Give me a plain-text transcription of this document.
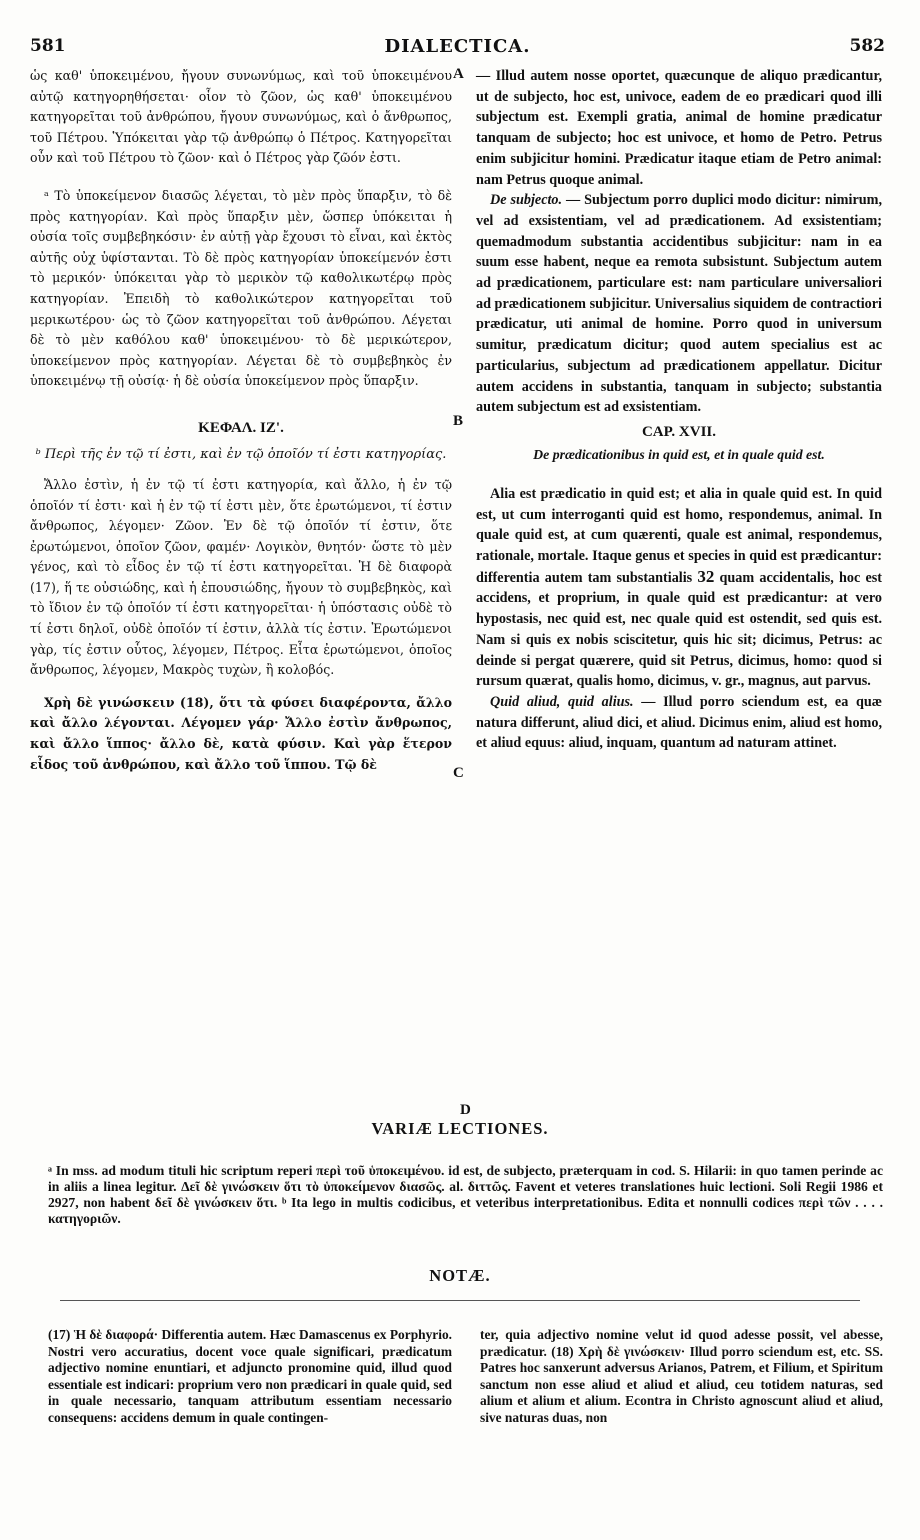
581	DIALECTICA.	582

ὡς καθ' ὑποκειμένου, ἤγουν συνωνύμως, καὶ τοῦ ὑποκειμένου αὐτῷ κατηγορηθήσεται· οἷον τὸ ζῶον, ὡς καθ' ὑποκειμένου κατηγορεῖται τοῦ ἀνθρώπου, ἤγουν συνωνύμως, καὶ ὁ ἄνθρωπος, τοῦ Πέτρου. Ὑπόκειται γὰρ τῷ ἀνθρώπῳ ὁ Πέτρος. Κατηγορεῖται οὖν καὶ τοῦ Πέτρου τὸ ζῶον· καὶ ὁ Πέτρος γὰρ ζῶόν ἐστι.

ᵃ Τὸ ὑποκείμενον διασῶς λέγεται, τὸ μὲν πρὸς ὕπαρξιν, τὸ δὲ πρὸς κατηγορίαν. Καὶ πρὸς ὕπαρξιν μὲν, ὥσπερ ὑπόκειται ἡ οὐσία τοῖς συμβεβηκόσιν· ἐν αὐτῇ γὰρ ἔχουσι τὸ εἶναι, καὶ ἐκτὸς αὐτῆς οὐχ ὑφίστανται. Τὸ δὲ πρὸς κατηγορίαν ὑποκείμενόν ἐστι τὸ μερικόν· ὑπόκειται γὰρ τὸ μερικὸν τῷ καθολικωτέρῳ πρὸς κατηγορίαν. Ἐπειδὴ τὸ καθολικώτερον κατηγορεῖται τοῦ μερικωτέρου· ὡς τὸ ζῶον κατηγορεῖται τοῦ ἀνθρώπου. Λέγεται δὲ τὸ μὲν καθόλου καθ' ὑποκειμένου· τὸ δὲ μερικώτερον, ὑποκείμενον πρὸς κατηγορίαν. Λέγεται δὲ τὸ συμβεβηκὸς ἐν ὑποκειμένῳ τῇ οὐσίᾳ· ἡ δὲ οὐσία ὑποκείμενον πρὸς ὕπαρξιν.

ΚΕΦΑΛ. ΙΖ'.

ᵇ Περὶ τῆς ἐν τῷ τί ἐστι, καὶ ἐν τῷ ὁποῖόν τί ἐστι κατηγορίας.

Ἄλλο ἐστὶν, ἡ ἐν τῷ τί ἐστι κατηγορία, καὶ ἄλλο, ἡ ἐν τῷ ὁποῖόν τί ἐστι· καὶ ἡ ἐν τῷ τί ἐστι μὲν, ὅτε ἐρωτώμενοι, τί ἐστιν ἄνθρωπος, λέγομεν· Ζῶον. Ἐν δὲ τῷ ὁποῖόν τί ἐστιν, ὅτε ἐρωτώμενοι, ὁποῖον ζῶον, φαμέν· Λογικὸν, θνητόν· ὥστε τὸ μὲν γένος, καὶ τὸ εἶδος ἐν τῷ τί ἐστι κατηγορεῖται. Ἡ δὲ διαφορὰ (17), ἥ τε οὐσιώδης, καὶ ἡ ἐπουσιώδης, ἤγουν τὸ συμβεβηκὸς, καὶ τὸ ἴδιον ἐν τῷ ὁποῖόν τί ἐστι κατηγορεῖται· ἡ ὑπόστασις οὐδὲ τὸ τί ἐστι δηλοῖ, οὐδὲ ὁποῖόν τί ἐστιν, ἀλλὰ τίς ἐστιν. Ἐρωτώμενοι γὰρ, τίς ἐστιν οὗτος, λέγομεν, Πέτρος. Εἶτα ἐρωτώμενοι, ὁποῖος ἄνθρωπος, λέγομεν, Μακρὸς τυχὼν, ἢ κολοβός.

Χρὴ δὲ γινώσκειν (18), ὅτι τὰ φύσει διαφέροντα, ἄλλο καὶ ἄλλο λέγονται. Λέγομεν γάρ· Ἄλλο ἐστὶν ἄνθρωπος, καὶ ἄλλο ἵππος· ἄλλο δὲ, κατὰ φύσιν. Καὶ γὰρ ἕτερον εἶδος τοῦ ἀνθρώπου, καὶ ἄλλο τοῦ ἵππου. Τῷ δὲ

A
B
C
D

— Illud autem nosse oportet, quæcunque de aliquo prædicantur, ut de subjecto, hoc est, univoce, eadem de eo prædicari quod illi subjectum est. Exempli gratia, animal de homine prædicatur tanquam de subjecto; hoc est univoce, et homo de Petro. Petrus enim subjicitur homini. Prædicatur itaque etiam de Petro animal: nam Petrus quoque animal.

De subjecto. — Subjectum porro duplici modo dicitur: nimirum, vel ad exsistentiam, vel ad prædicationem. Ad exsistentiam; quemadmodum substantia accidentibus subjicitur: nam in ea suum esse habent, neque ea remota subsistunt. Subjectum autem ad prædicationem, particulare est: nam particulare universaliori ad prædicationem subjicitur. Universalius siquidem de contractiori prædicatur, uti animal de homine. Porro quod in universum sumitur, prædicatum dicitur; quod autem specialius est ac particularius, subjectum ad prædicationem appellatur. Dicitur autem accidens in substantia, tanquam in subjecto; substantia autem subjectum est ad exsistentiam.

CAP. XVII.

De prædicationibus in quid est, et in quale quid est.

Alia est prædicatio in quid est; et alia in quale quid est. In quid est, ut cum interroganti quid est homo, respondemus, animal. In quale quid est, at cum quærenti, quale est animal, respondemus, rationale, mortale. Itaque genus et species in quid est prædicantur: differentia autem tam substantialis 32 quam accidentalis, hoc est accidens, et proprium, in quale quid est prædicantur: at vero hypostasis, nec quid est, nec quale quid est ostendit, sed quis est. Nam si quis ex nobis sciscitetur, quis hic sit; dicimus, Petrus: ac deinde si pergat quærere, quid sit Petrus, dicimus, homo: quod si rursum quærat, qualis homo, dicimus, v. gr., magnus, aut parvus.

Quid aliud, quid alius. — Illud porro sciendum est, ea quæ natura differunt, aliud dici, et aliud. Dicimus enim, aliud est homo, et aliud equus: aliud, inquam, quantum ad naturam attinet.

VARIÆ LECTIONES.

ᵃ In mss. ad modum tituli hic scriptum reperi περὶ τοῦ ὑποκειμένου. id est, de subjecto, præterquam in cod. S. Hilarii: in quo tamen perinde ac in aliis a linea legitur. Δεῖ δὲ γινώσκειν ὅτι τὸ ὑποκείμενον διασῶς. al. διττῶς. Favent et veteres translationes huic lectioni. Soli Regii 1986 et 2927, non habent δεῖ δὲ γινώσκειν ὅτι. ᵇ Ita lego in multis codicibus, et veteribus interpretationibus. Edita et nonnulli codices περὶ τῶν . . . . κατηγοριῶν.

NOTÆ.

(17) Ἡ δὲ διαφορά· Differentia autem. Hæc Damascenus ex Porphyrio. Nostri vero accuratius, docent voce quale significari, prædicatum adjectivo nomine enuntiari, et adjuncto pronomine quid, illud quod essentiale est indicari: proprium vero non prædicari in quale quid, sed in quale necessario, tanquam attributum essentiam necessario consequens: accidens demum in quale contingen-

ter, quia adjectivo nomine velut id quod adesse possit, vel abesse, prædicatur. (18) Χρὴ δὲ γινώσκειν· Illud porro sciendum est, etc. SS. Patres hoc sanxerunt adversus Arianos, Patrem, et Filium, et Spiritum sanctum non esse aliud et aliud et aliud, ceu totidem naturas, sed alium et alium et alium. Econtra in Christo agnoscunt aliud et aliud, sive naturas duas, non
